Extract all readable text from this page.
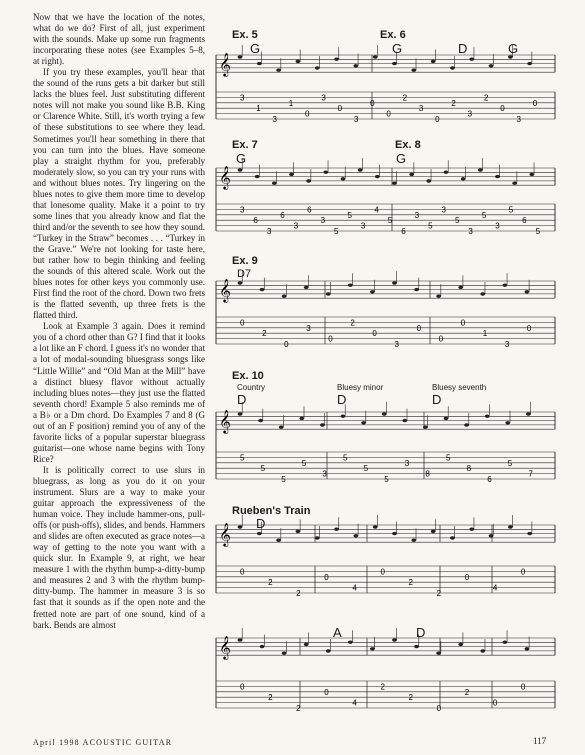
Now that we have the location of the notes, what do we do? First of all, just experiment with the sounds. Make up some run fragments incorporating these notes (see Examples 5–8, at right).

If you try these examples, you'll hear that the sound of the runs gets a bit darker but still lacks the blues feel. Just substituting different notes will not make you sound like B.B. King or Clarence White. Still, it's worth trying a few of these substitutions to see where they lead. Sometimes you'll hear something in there that you can turn into the blues. Have someone play a straight rhythm for you, preferably moderately slow, so you can try your runs with and without blues notes. Try lingering on the blues notes to give them more time to develop that lonesome quality. Make it a point to try some lines that you already know and flat the third and/or the seventh to see how they sound. “Turkey in the Straw” becomes . . . “Turkey in the Grave.” We're not looking for taste here, but rather how to begin thinking and feeling the sounds of this altered scale. Work out the blues notes for other keys you commonly use. First find the root of the chord. Down two frets is the flatted seventh, up three frets is the flatted third.

Look at Example 3 again. Does it remind you of a chord other than G? I find that it looks a lot like an F chord. I guess it's no wonder that a lot of modal-sounding bluesgrass songs like “Little Willie” and “Old Man at the Mill” have a distinct bluesy flavor without actually including blues notes—they just use the flatted seventh chord! Example 5 also reminds me of a B♭ or a Dm chord. Do Examples 7 and 8 (G out of an F position) remind you of any of the favorite licks of a popular superstar bluegrass guitarist—one whose name begins with Tony Rice?

It is politically correct to use slurs in bluegrass, as long as you do it on your instrument. Slurs are a way to make your guitar approach the expressiveness of the human voice. They include hammer-ons, pull-offs (or push-offs), slides, and bends. Hammers and slides are often executed as grace notes—a way of getting to the note you want with a quick slur. In Example 9, at right, we hear measure 1 with the rhythm bump-a-ditty-bump and measures 2 and 3 with the rhythm bump-ditty-bump. The hammer in measure 3 is so fast that it sounds as if the open note and the fretted note are part of one sound, kind of a bark. Bends are almost

𝄞
3
1
3
1
0
3
0
3
0
0
2
3
0
2
3
2
0
3
0
𝄞
3
6
3
6
3
6
3
5
5
3
4
5
6
3
5
3
5
3
5
3
5
6
5
𝄞
0
2
0
3
0
2
0
3
0
0
0
1
3
0
𝄞
5
5
5
5
3
5
5
5
3
8
5
8
6
5
7
𝄞
0
2
2
0
4
0
2
2
0
4
0
𝄞
0
2
2
0
4
2
2
0
2
0
0
Ex. 5	Ex. 6
G	G	D	G
Ex. 7	Ex. 8
G	G
Ex. 9
D7
Ex. 10
Country	Bluesy minor	Bluesy seventh
D	D	D
Rueben's Train
D
A	D
April 1998 ACOUSTIC GUITAR	117
